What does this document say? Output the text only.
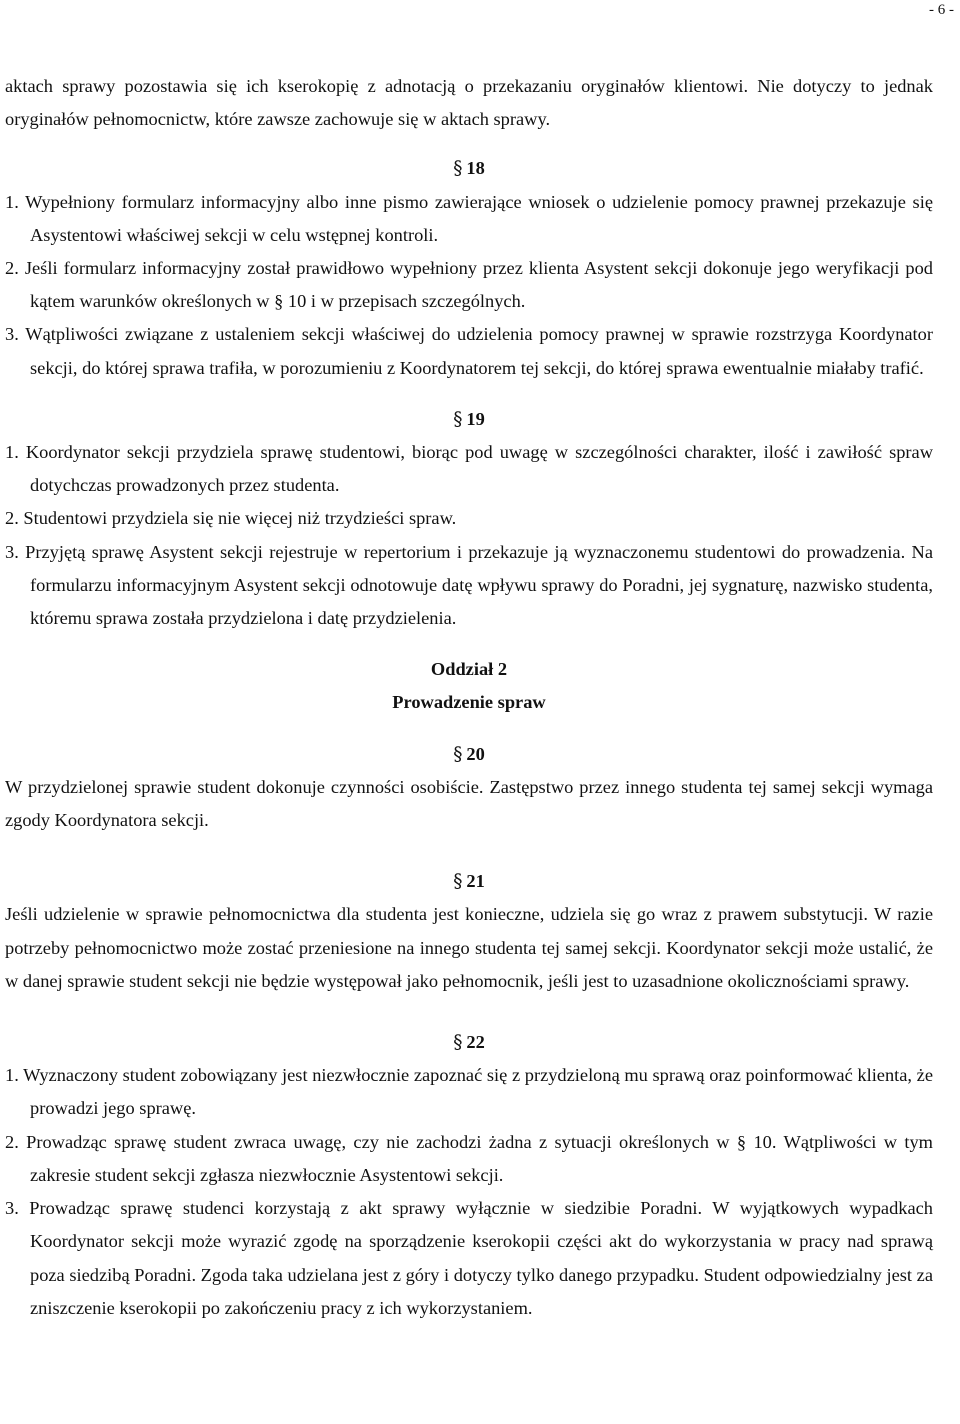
- 6 -

aktach sprawy pozostawia się ich kserokopię z adnotacją o przekazaniu oryginałów klientowi. Nie dotyczy to jednak oryginałów pełnomocnictw, które zawsze zachowuje się w aktach sprawy.

§ 18

1. Wypełniony formularz informacyjny albo inne pismo zawierające wniosek o udzielenie pomocy prawnej przekazuje się Asystentowi właściwej sekcji w celu wstępnej kontroli.

2. Jeśli formularz informacyjny został prawidłowo wypełniony przez klienta Asystent sekcji dokonuje jego weryfikacji pod kątem warunków określonych w § 10 i w przepisach szczególnych.

3. Wątpliwości związane z ustaleniem sekcji właściwej do udzielenia pomocy prawnej w sprawie rozstrzyga Koordynator sekcji, do której sprawa trafiła, w porozumieniu z Koordynatorem tej sekcji, do której sprawa ewentualnie miałaby trafić.

§ 19

1. Koordynator sekcji przydziela sprawę studentowi, biorąc pod uwagę w szczególności charakter, ilość i zawiłość spraw dotychczas prowadzonych przez studenta.

2. Studentowi przydziela się nie więcej niż trzydzieści spraw.

3. Przyjętą sprawę Asystent sekcji rejestruje w repertorium i przekazuje ją wyznaczonemu studentowi do prowadzenia. Na formularzu informacyjnym Asystent sekcji odnotowuje datę wpływu sprawy do Poradni, jej sygnaturę, nazwisko studenta, któremu sprawa została przydzielona i datę przydzielenia.

Oddział 2

Prowadzenie spraw

§ 20

W przydzielonej sprawie student dokonuje czynności osobiście. Zastępstwo przez innego studenta tej samej sekcji wymaga zgody Koordynatora sekcji.

§ 21

Jeśli udzielenie w sprawie pełnomocnictwa dla studenta jest konieczne, udziela się go wraz z prawem substytucji. W razie potrzeby pełnomocnictwo może zostać przeniesione na innego studenta tej samej sekcji. Koordynator sekcji może ustalić, że w danej sprawie student sekcji nie będzie występował jako pełnomocnik, jeśli jest to uzasadnione okolicznościami sprawy.

§ 22

1. Wyznaczony student zobowiązany jest niezwłocznie zapoznać się z przydzieloną mu sprawą oraz poinformować klienta, że prowadzi jego sprawę.

2. Prowadząc sprawę student zwraca uwagę, czy nie zachodzi żadna z sytuacji określonych w § 10. Wątpliwości w tym zakresie student sekcji zgłasza niezwłocznie Asystentowi sekcji.

3. Prowadząc sprawę studenci korzystają z akt sprawy wyłącznie w siedzibie Poradni. W wyjątkowych wypadkach Koordynator sekcji może wyrazić zgodę na sporządzenie kserokopii części akt do wykorzystania w pracy nad sprawą poza siedzibą Poradni. Zgoda taka udzielana jest z góry i dotyczy tylko danego przypadku. Student odpowiedzialny jest za zniszczenie kserokopii po zakończeniu pracy z ich wykorzystaniem.
